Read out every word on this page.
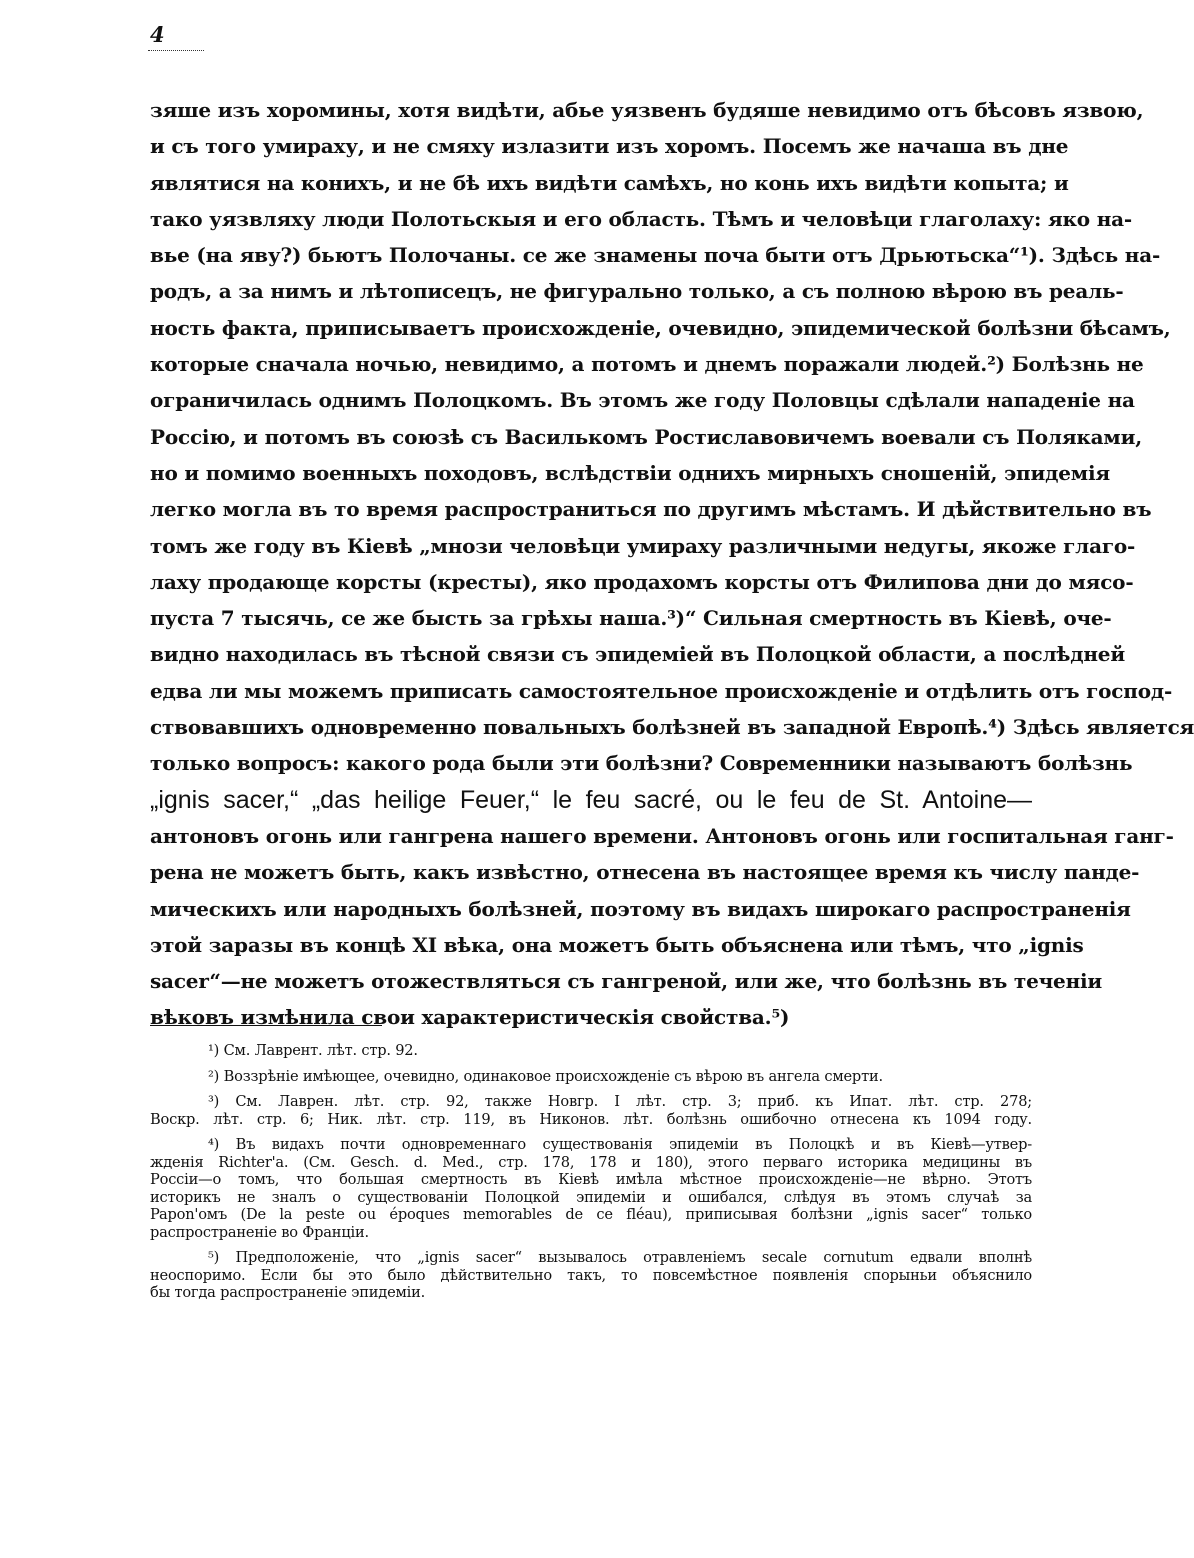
4
зяше изъ хоромины, хотя видѣти, абье уязвенъ будяше невидимо отъ бѣсовъ язвою,
и съ того умираху, и не смяху излазити изъ хоромъ. Посемъ же начаша въ дне
являтися на конихъ, и не бѣ ихъ видѣти самѣхъ, но конь ихъ видѣти копыта; и
тако уязвляху люди Полотьскыя и его область. Тѣмъ и человѣци глаголаху: яко на-
вье (на яву?) бьютъ Полочаны. се же знамены поча быти отъ Дрьютьска“¹). Здѣсь на-
родъ, а за нимъ и лѣтописецъ, не фигурально только, а съ полною вѣрою въ реаль-
ность факта, приписываетъ происхожденіе, очевидно, эпидемической болѣзни бѣсамъ,
которые сначала ночью, невидимо, а потомъ и днемъ поражали людей.²) Болѣзнь не
ограничилась однимъ Полоцкомъ. Въ этомъ же году Половцы сдѣлали нападеніе на
Россію, и потомъ въ союзѣ съ Василькомъ Ростиславовичемъ воевали съ Поляками,
но и помимо военныхъ походовъ, вслѣдствіи однихъ мирныхъ сношеній, эпидемія
легко могла въ то время распространиться по другимъ мѣстамъ. И дѣйствительно въ
томъ же году въ Кіевѣ „мнози человѣци умираху различными недугы, якоже глаго-
лаху продающе корсты (кресты), яко продахомъ корсты отъ Филипова дни до мясо-
пуста 7 тысячь, се же бысть за грѣхы наша.³)“ Сильная смертность въ Кіевѣ, оче-
видно находилась въ тѣсной связи съ эпидеміей въ Полоцкой области, а послѣдней
едва ли мы можемъ приписать самостоятельное происхожденіе и отдѣлить отъ господ-
ствовавшихъ одновременно повальныхъ болѣзней въ западной Европѣ.⁴) Здѣсь является
только вопросъ: какого рода были эти болѣзни? Современники называютъ болѣзнь
„ignis sacer,“ „das heilige Feuer,“ le feu sacré, ou le feu de St. Antoine—
антоновъ огонь или гангрена нашего времени. Антоновъ огонь или госпитальная ганг-
рена не можетъ быть, какъ извѣстно, отнесена въ настоящее время къ числу панде-
мическихъ или народныхъ болѣзней, поэтому въ видахъ широкаго распространенія
этой заразы въ концѣ XI вѣка, она можетъ быть объяснена или тѣмъ, что „ignis
sacer“—не можетъ отожествляться съ гангреной, или же, что болѣзнь въ теченіи
вѣковъ измѣнила свои характеристическія свойства.⁵)
¹) См. Лаврент. лѣт. стр. 92.
²) Воззрѣніе имѣющее, очевидно, одинаковое происхожденіе съ вѣрою въ ангела смерти.
³) См. Лаврен. лѣт. стр. 92, также Новгр. I лѣт. стр. 3; приб. къ Ипат. лѣт. стр. 278;
Воскр. лѣт. стр. 6; Ник. лѣт. стр. 119, въ Никонов. лѣт. болѣзнь ошибочно отнесена къ 1094 году.
⁴) Въ видахъ почти одновременнаго существованія эпидеміи въ Полоцкѣ и въ Кіевѣ—утвер-
жденія Richter'а. (См. Gesch. d. Med., стр. 178, 178 и 180), этого перваго историка медицины въ
Россіи—о томъ, что большая смертность въ Кіевѣ имѣла мѣстное происхожденіе—не вѣрно. Этотъ
историкъ не зналъ о существованіи Полоцкой эпидеміи и ошибался, слѣдуя въ этомъ случаѣ за
Papon'омъ (De la peste ou époques memorables de ce fléau), приписывая болѣзни „ignis sacer“ только
распространеніе во Франціи.
⁵) Предположеніе, что „ignis sacer“ вызывалось отравленіемъ secale cornutum едвали вполнѣ
неоспоримо. Если бы это было дѣйствительно такъ, то повсемѣстное появленія спорыньи объяснило
бы тогда распространеніе эпидеміи.
